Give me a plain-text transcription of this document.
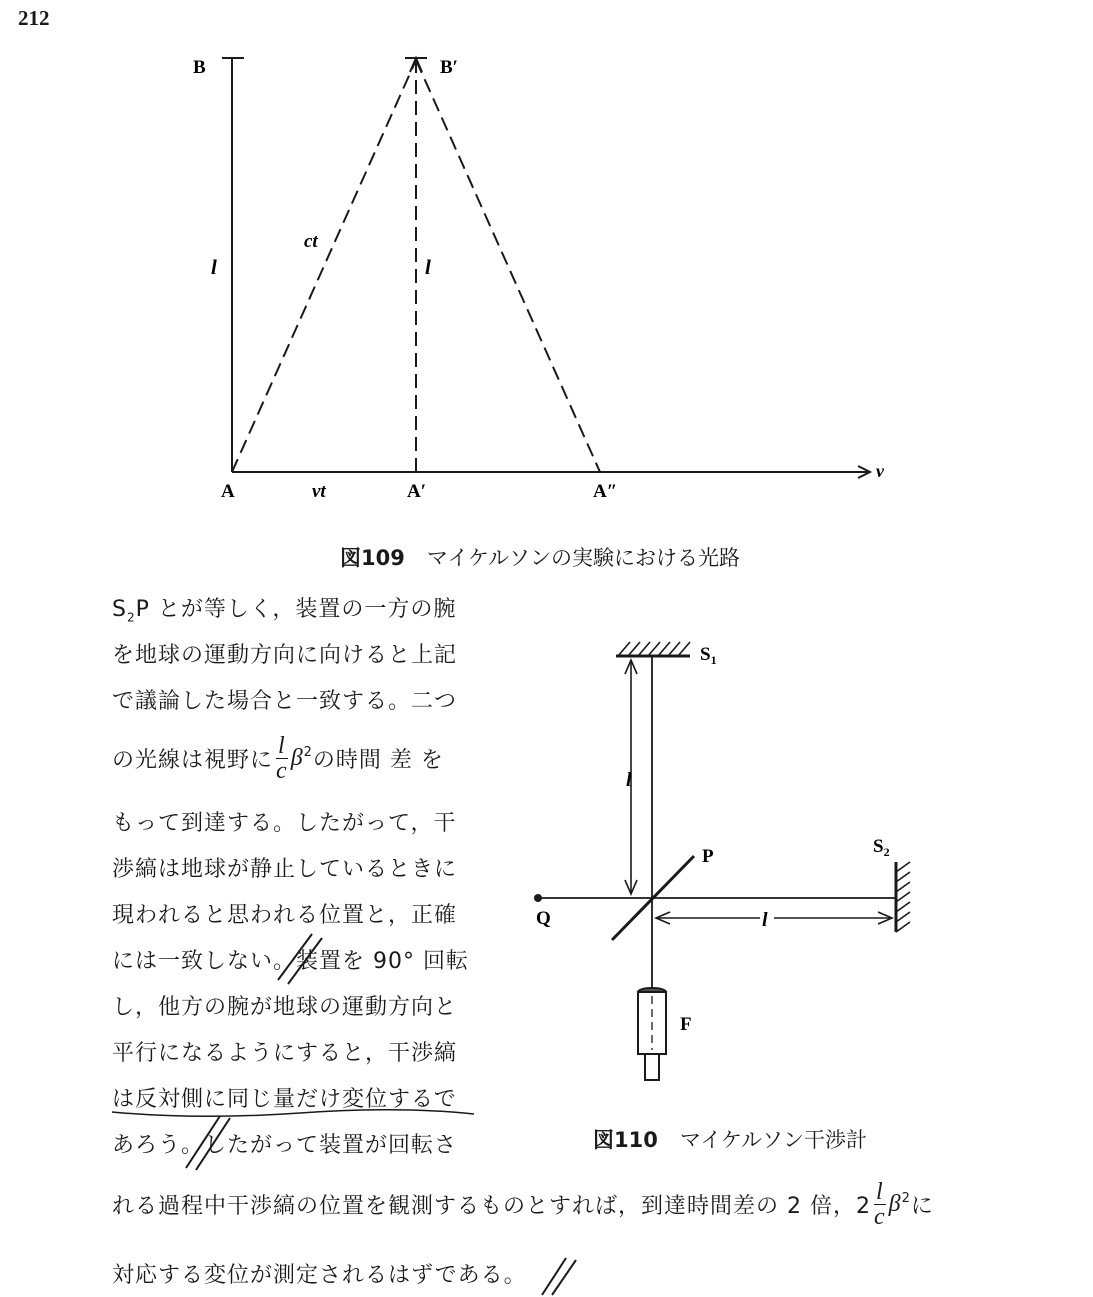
212
B	B′
l
ct
l
A	vt	A′	A″
v
図109 マイケルソンの実験における光路
$S_1$
$S_2$
P
Q
F
l
l
図110 マイケルソン干渉計
$S_2P$ とが等しく，装置の一方の腕
を地球の運動方向に向けると上記
で議論した場合と一致する。二つ
の光線は視野に $\frac{l}{c} \beta^2$の時間 差 を
もって到達する。したがって，干
渉縞は地球が静止しているときに
現われると思われる位置と，正確
には一致しない。装置を 90° 回転
し，他方の腕が地球の運動方向と
平行になるようにすると，干渉縞
は反対側に同じ量だけ変位するで
あろう。したがって装置が回転さ
れる過程中干渉縞の位置を観測するものとすれば，到達時間差の 2 倍，$2 \frac{l}{c} \beta^2$に
対応する変位が測定されるはずである。
